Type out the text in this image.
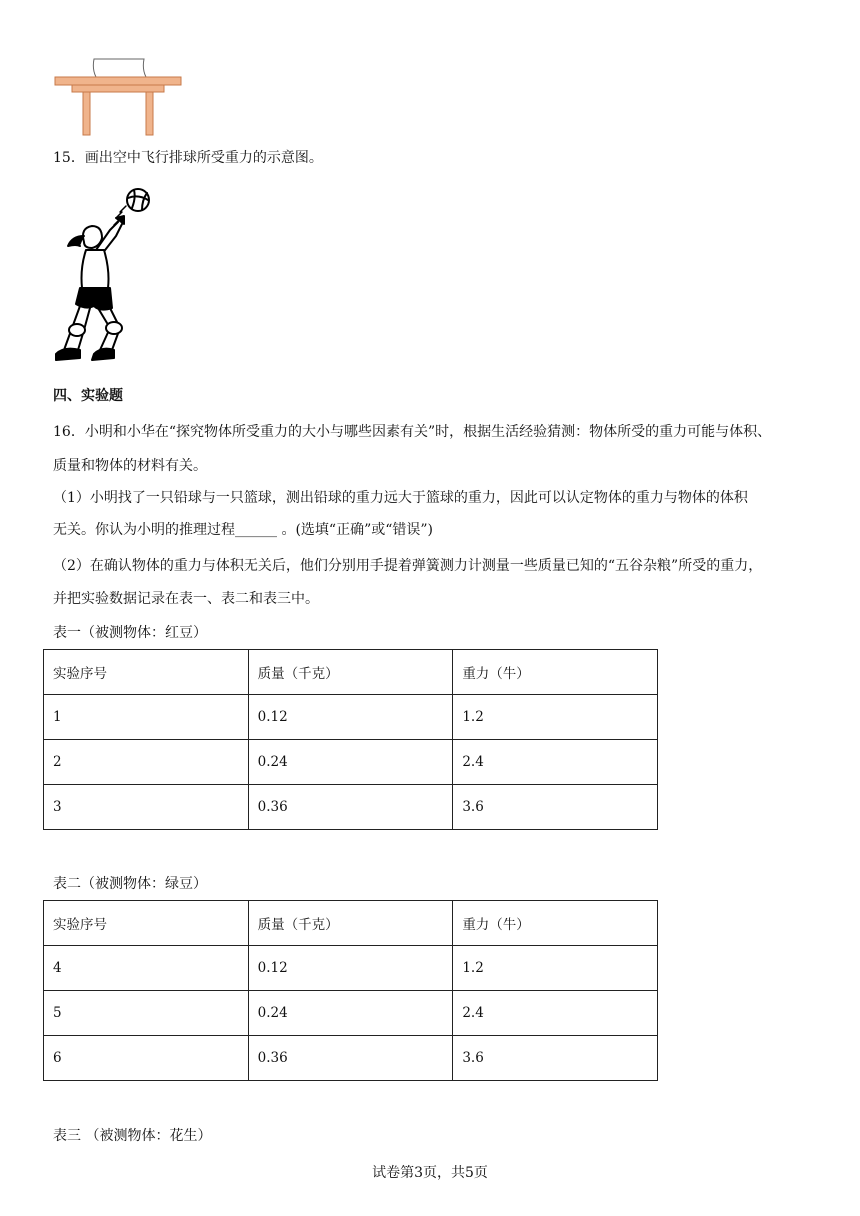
15．画出空中飞行排球所受重力的示意图。
四、实验题
16．小明和小华在“探究物体所受重力的大小与哪些因素有关”时，根据生活经验猜测：物体所受的重力可能与体积、
质量和物体的材料有关。
（1）小明找了一只铅球与一只篮球，测出铅球的重力远大于篮球的重力，因此可以认定物体的重力与物体的体积
无关。你认为小明的推理过程______ 。(选填“正确”或“错误”)
（2）在确认物体的重力与体积无关后，他们分别用手提着弹簧测力计测量一些质量已知的“五谷杂粮”所受的重力，
并把实验数据记录在表一、表二和表三中。
表一（被测物体：红豆）
实验序号	质量（千克）	重力（牛）
1	0.12	1.2
2	0.24	2.4
3	0.36	3.6
表二（被测物体：绿豆）
实验序号	质量（千克）	重力（牛）
4	0.12	1.2
5	0.24	2.4
6	0.36	3.6
表三 （被测物体：花生）
试卷第3页，共5页
